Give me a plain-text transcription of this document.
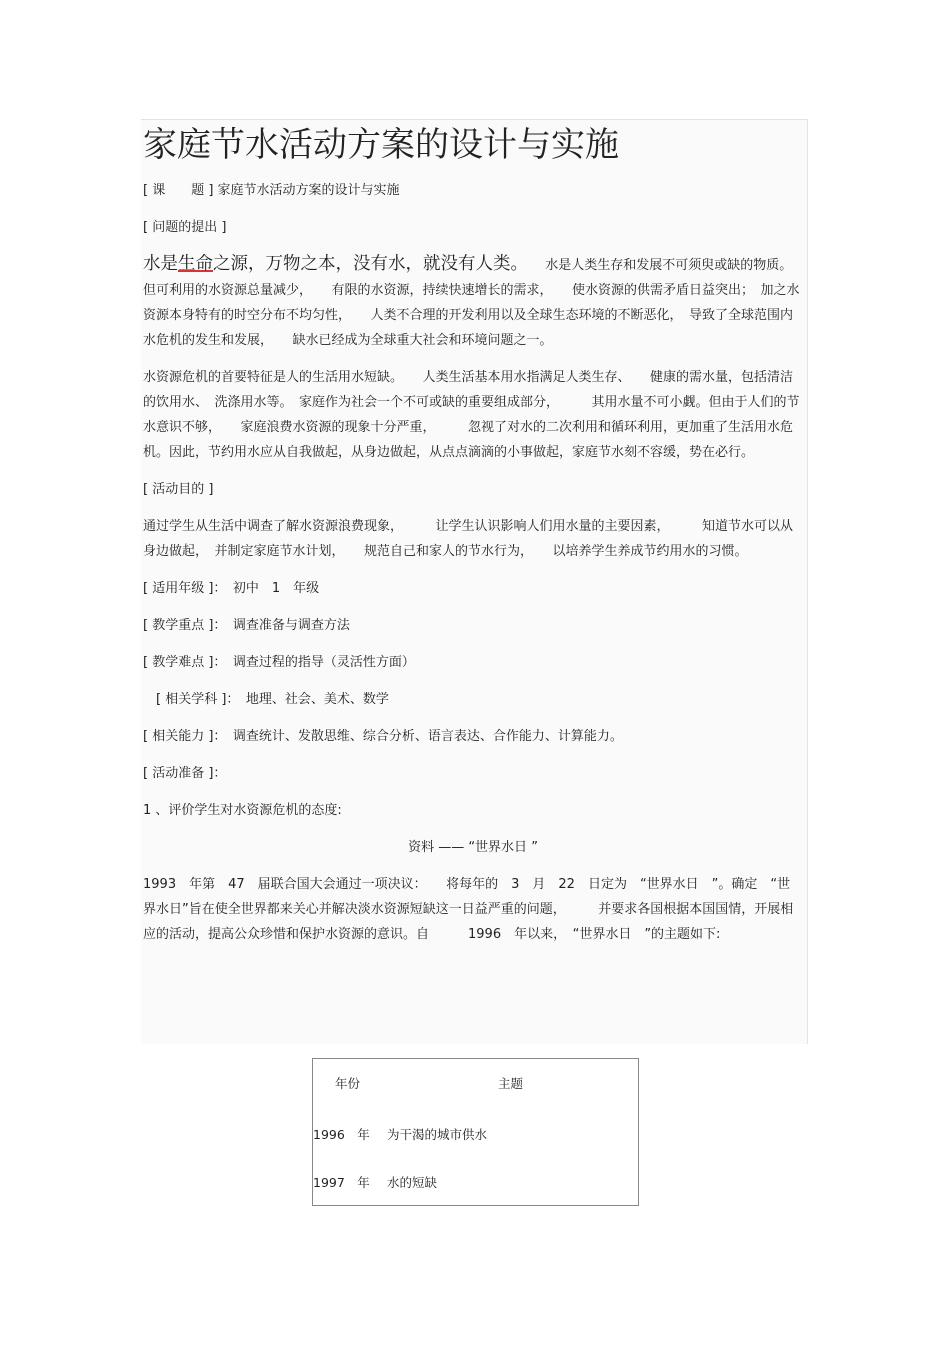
家庭节水活动方案的设计与实施

[ 课　　题 ] 家庭节水活动方案的设计与实施

[ 问题的提出 ]

水是生命之源，万物之本，没有水，就没有人类。　　水是人类生存和发展不可须臾或缺的物质。但可利用的水资源总量减少，　　有限的水资源，持续快速增长的需求，　　使水资源的供需矛盾日益突出；　加之水资源本身特有的时空分布不均匀性，　　人类不合理的开发利用以及全球生态环境的不断恶化，　导致了全球范围内水危机的发生和发展，　　缺水已经成为全球重大社会和环境问题之一。

水资源危机的首要特征是人的生活用水短缺。　　人类生活基本用水指满足人类生存、　　健康的需水量，包括清洁的饮用水、　洗涤用水等。　家庭作为社会一个不可或缺的重要组成部分，　　　其用水量不可小觑。但由于人们的节水意识不够，　　家庭浪费水资源的现象十分严重，　　　忽视了对水的二次利用和循环利用，更加重了生活用水危机。因此，节约用水应从自我做起，从身边做起，从点点滴滴的小事做起，家庭节水刻不容缓，势在必行。

[ 活动目的 ]

通过学生从生活中调查了解水资源浪费现象，　　　让学生认识影响人们用水量的主要因素，　　　知道节水可以从身边做起，　并制定家庭节水计划，　　规范自己和家人的节水行为，　　以培养学生养成节约用水的习惯。

[ 适用年级 ]：　初中　1　年级

[ 教学重点 ]：　调查准备与调查方法

[ 教学难点 ]：　调查过程的指导（灵活性方面）

　[ 相关学科 ]：　地理、社会、美术、数学

[ 相关能力 ]：　调查统计、发散思维、综合分析、语言表达、合作能力、计算能力。

[ 活动准备 ]：

1 、评价学生对水资源危机的态度:

资料 —— “世界水日 ”

1993　年第　47　届联合国大会通过一项决议：　　将每年的　3　月　22　日定为　“世界水日　”。确定　“世界水日”旨在使全世界都来关心并解决淡水资源短缺这一日益严重的问题，　　　并要求各国根据本国国情，开展相应的活动，提高公众珍惜和保护水资源的意识。自　　　1996　年以来，　“世界水日　”的主题如下:

年份	主题
1996　年 为干渴的城市供水
1997　年 水的短缺
